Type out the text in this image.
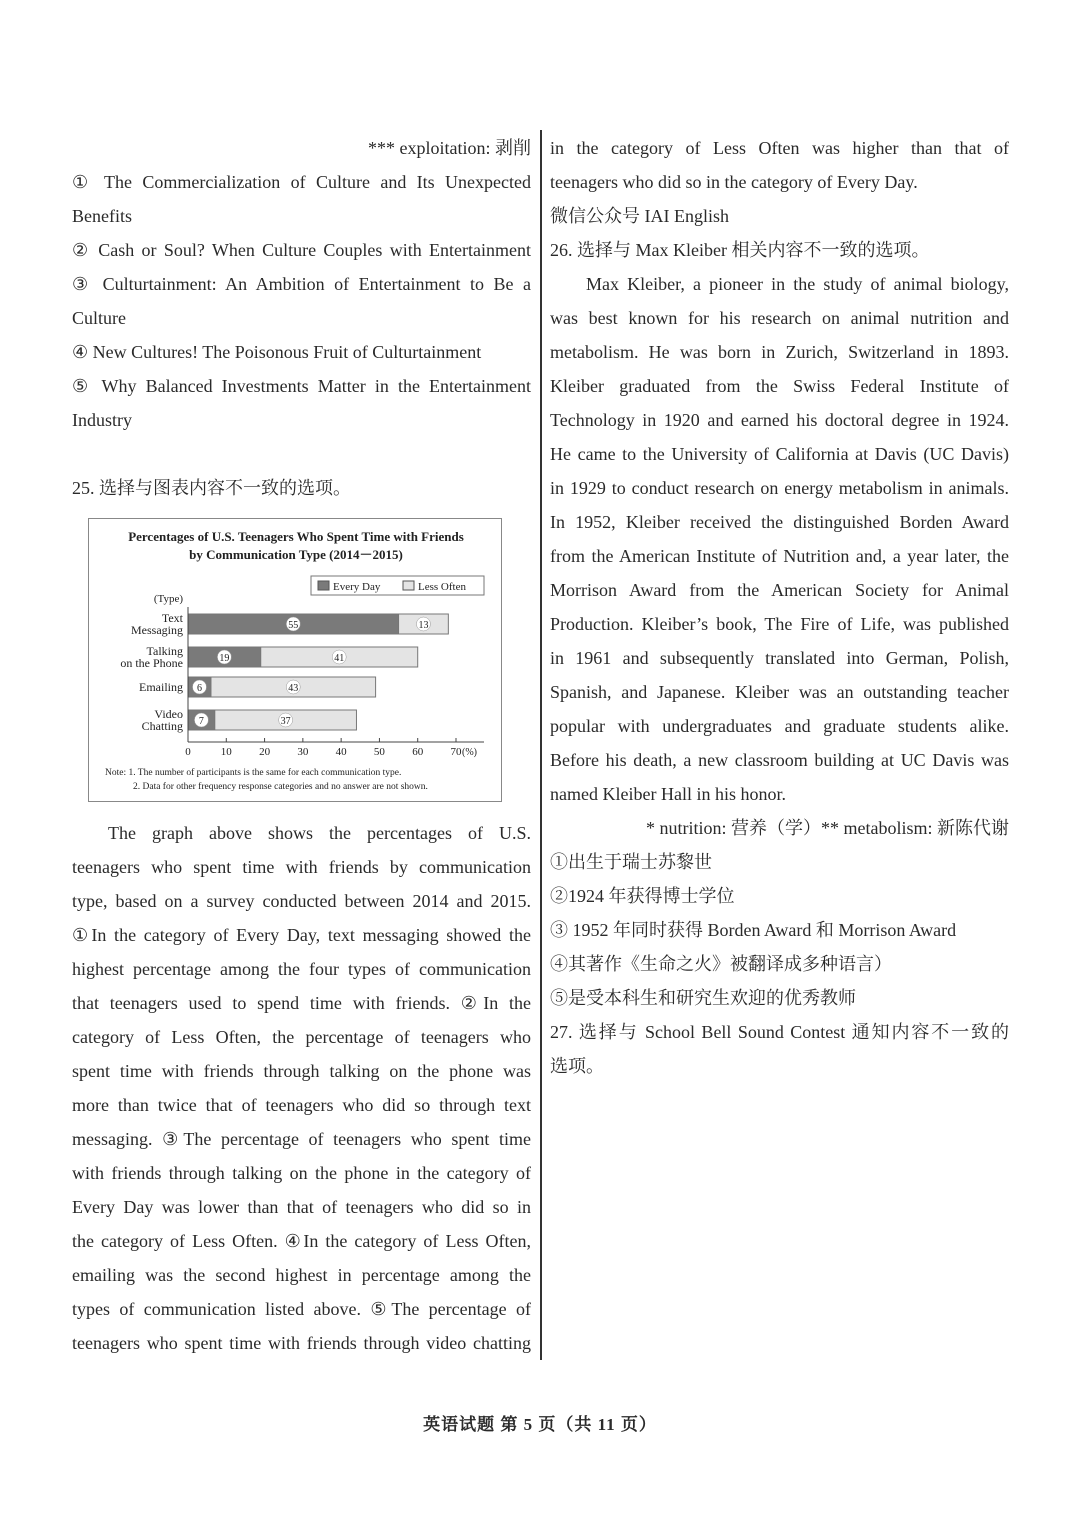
*** exploitation: 剥削
① The Commercialization of Culture and Its Unexpected
Benefits
② Cash or Soul? When Culture Couples with Entertainment
③ Culturtainment: An Ambition of Entertainment to Be a
Culture
④ New Cultures! The Poisonous Fruit of Culturtainment
⑤ Why Balanced Investments Matter in the Entertainment
Industry
25. 选择与图表内容不一致的选项。
Percentages of U.S. Teenagers Who Spent Time with Friends
by Communication Type (2014－2015)
Every Day	Less Often
(Type)
55	13
Text
Messaging
19	41
Talking
on the Phone
6	43
Emailing
7	37
Video
Chatting
0	10 20 30 40 50 60 70 (%)
Note: 1. The number of participants is the same for each communication type.
2. Data for other frequency response categories and no answer are not shown.
The graph above shows the percentages of U.S.
teenagers who spent time with friends by communication
type, based on a survey conducted between 2014 and 2015.
①In the category of Every Day, text messaging showed the
highest percentage among the four types of communication
that teenagers used to spend time with friends. ②In the
category of Less Often, the percentage of teenagers who
spent time with friends through talking on the phone was
more than twice that of teenagers who did so through text
messaging. ③The percentage of teenagers who spent time
with friends through talking on the phone in the category of
Every Day was lower than that of teenagers who did so in
the category of Less Often. ④In the category of Less Often,
emailing was the second highest in percentage among the
types of communication listed above. ⑤The percentage of
teenagers who spent time with friends through video chatting
in the category of Less Often was higher than that of
teenagers who did so in the category of Every Day.
微信公众号 IAI English
26. 选择与 Max Kleiber 相关内容不一致的选项。
Max Kleiber, a pioneer in the study of animal biology,
was best known for his research on animal nutrition and
metabolism. He was born in Zurich, Switzerland in 1893.
Kleiber graduated from the Swiss Federal Institute of
Technology in 1920 and earned his doctoral degree in 1924.
He came to the University of California at Davis (UC Davis)
in 1929 to conduct research on energy metabolism in animals.
In 1952, Kleiber received the distinguished Borden Award
from the American Institute of Nutrition and, a year later, the
Morrison Award from the American Society for Animal
Production. Kleiber’s book, The Fire of Life, was published
in 1961 and subsequently translated into German, Polish,
Spanish, and Japanese. Kleiber was an outstanding teacher
popular with undergraduates and graduate students alike.
Before his death, a new classroom building at UC Davis was
named Kleiber Hall in his honor.
* nutrition: 营养（学）** metabolism: 新陈代谢
①出生于瑞士苏黎世
②1924 年获得博士学位
③ 1952 年同时获得 Borden Award 和 Morrison Award
④其著作《生命之火》被翻译成多种语言）
⑤是受本科生和研究生欢迎的优秀教师
27. 选择与 School Bell Sound Contest 通知内容不一致的
选项。
英语试题 第 5 页（共 11 页）
